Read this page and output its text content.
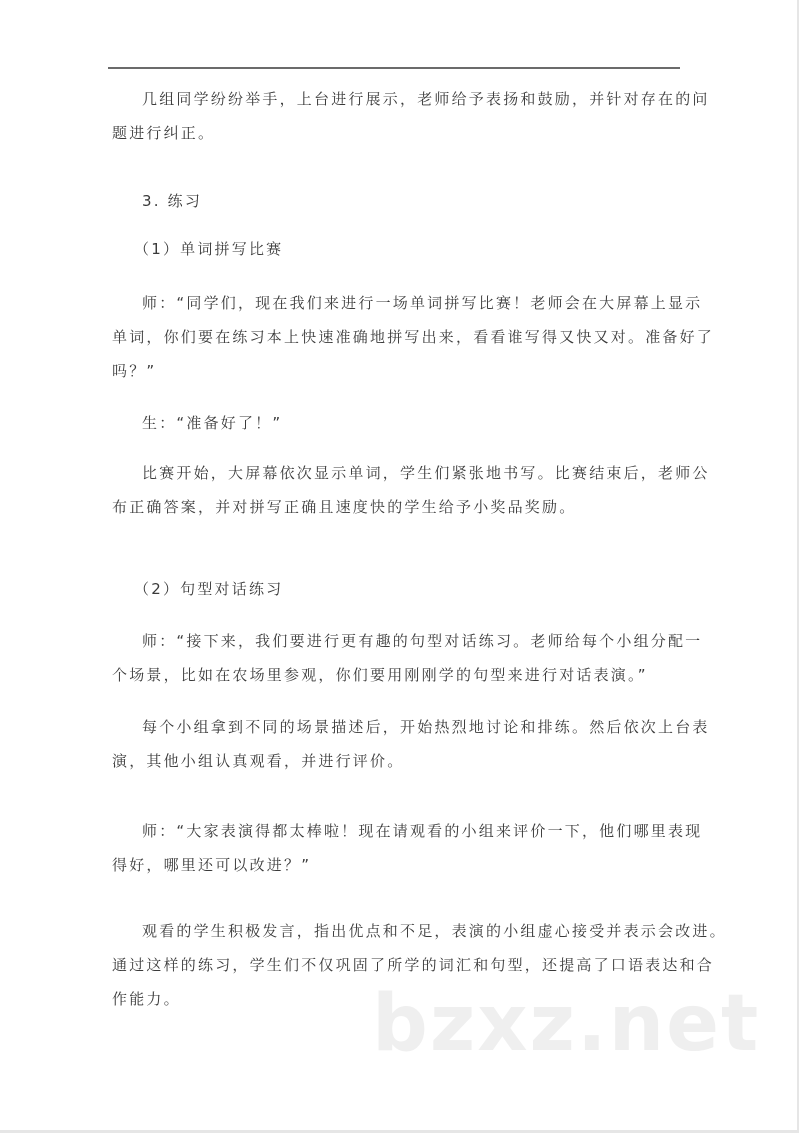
几组同学纷纷举手，上台进行展示，老师给予表扬和鼓励，并针对存在的问
题进行纠正。
3. 练习
（1）单词拼写比赛
师：“同学们，现在我们来进行一场单词拼写比赛！老师会在大屏幕上显示
单词，你们要在练习本上快速准确地拼写出来，看看谁写得又快又对。准备好了
吗？”
生：“准备好了！”
比赛开始，大屏幕依次显示单词，学生们紧张地书写。比赛结束后，老师公
布正确答案，并对拼写正确且速度快的学生给予小奖品奖励。
（2）句型对话练习
师：“接下来，我们要进行更有趣的句型对话练习。老师给每个小组分配一
个场景，比如在农场里参观，你们要用刚刚学的句型来进行对话表演。”
每个小组拿到不同的场景描述后，开始热烈地讨论和排练。然后依次上台表
演，其他小组认真观看，并进行评价。
师：“大家表演得都太棒啦！现在请观看的小组来评价一下，他们哪里表现
得好，哪里还可以改进？”
观看的学生积极发言，指出优点和不足，表演的小组虚心接受并表示会改进。
通过这样的练习，学生们不仅巩固了所学的词汇和句型，还提高了口语表达和合
作能力。	bzxz.net
